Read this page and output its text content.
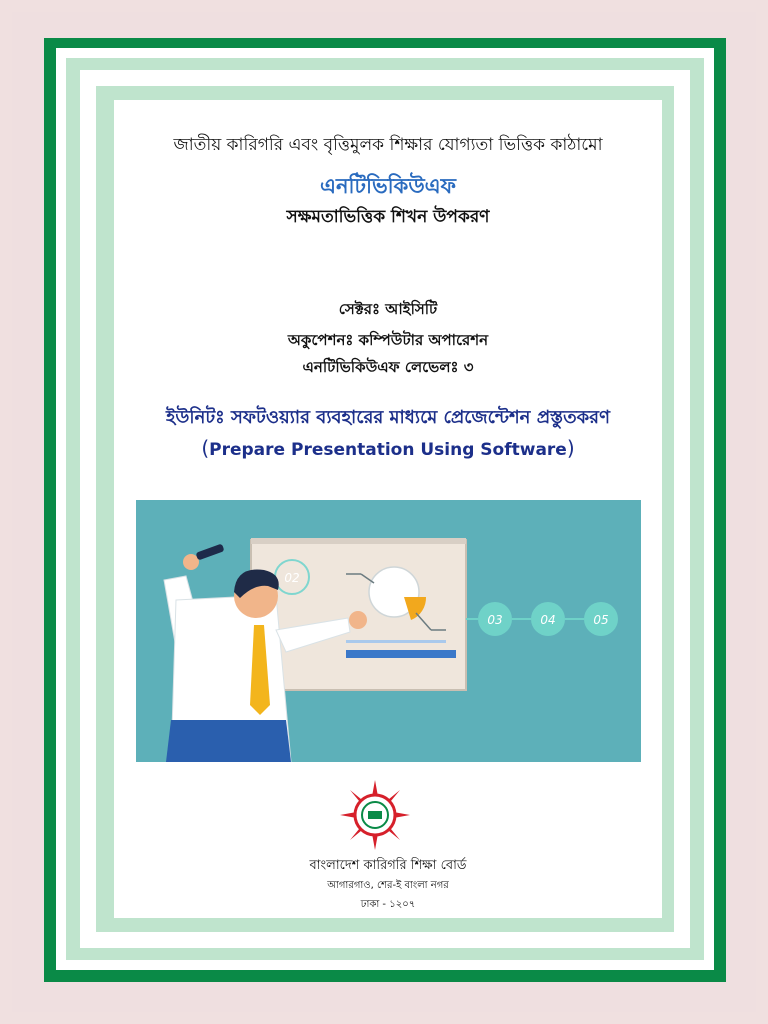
জাতীয় কারিগরি এবং বৃত্তিমুলক শিক্ষার যোগ্যতা ভিত্তিক কাঠামো
এনটিভিকিউএফ
সক্ষমতাভিত্তিক শিখন উপকরণ
সেক্টরঃ আইসিটি
অকুপেশনঃ কম্পিউটার অপারেশন
এনটিভিকিউএফ লেভেলঃ ৩
ইউনিটঃ সফটওয়্যার ব্যবহারের মাধ্যমে প্রেজেন্টেশন প্রস্তুতকরণ
(Prepare Presentation Using Software)
02
03	04	05
বাংলাদেশ কারিগরি শিক্ষা বোর্ড
আগারগাও, শের-ই বাংলা নগর
ঢাকা - ১২০৭
